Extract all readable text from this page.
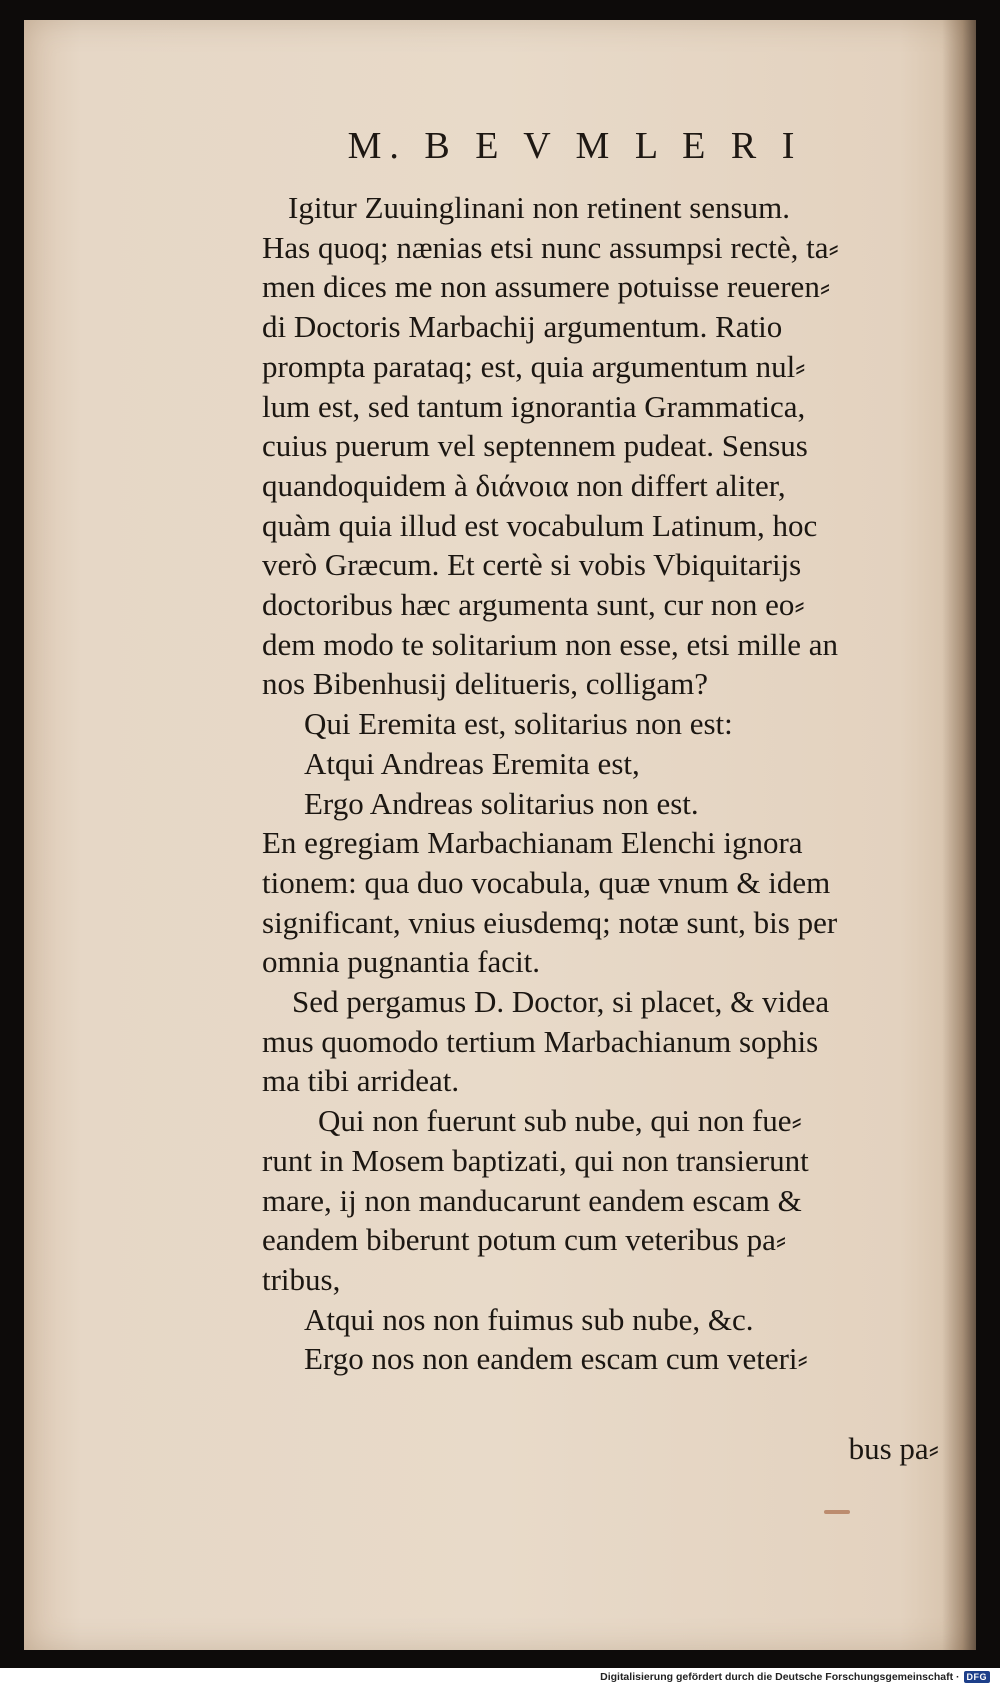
M. B E V M L E R I
Igitur Zuuinglinani non retinent sensum.
Has quoq; nænias etsi nunc assumpsi rectè, ta⸗
men dices me non assumere potuisse reueren⸗
di Doctoris Marbachij argumentum. Ratio
prompta parataq; est, quia argumentum nul⸗
lum est, sed tantum ignorantia Grammatica,
cuius puerum vel septennem pudeat. Sensus
quandoquidem à διάνοια non differt aliter,
quàm quia illud est vocabulum Latinum, hoc
verò Græcum. Et certè si vobis Vbiquitarijs
doctoribus hæc argumenta sunt, cur non eo⸗
dem modo te solitarium non esse, etsi mille an
nos Bibenhusij delitueris, colligam?
Qui Eremita est, solitarius non est:
Atqui Andreas Eremita est,
Ergo Andreas solitarius non est.
En egregiam Marbachianam Elenchi ignora
tionem: qua duo vocabula, quæ vnum & idem
significant, vnius eiusdemq; notæ sunt, bis per
omnia pugnantia facit.
Sed pergamus D. Doctor, si placet, & videa
mus quomodo tertium Marbachianum sophis
ma tibi arrideat.
Qui non fuerunt sub nube, qui non fue⸗
runt in Mosem baptizati, qui non transierunt
mare, ij non manducarunt eandem escam &
eandem biberunt potum cum veteribus pa⸗
tribus,
Atqui nos non fuimus sub nube, &c.
Ergo nos non eandem escam cum veteri⸗
bus pa⸗
Digitalisierung gefördert durch die Deutsche Forschungsgemeinschaft · DFG
